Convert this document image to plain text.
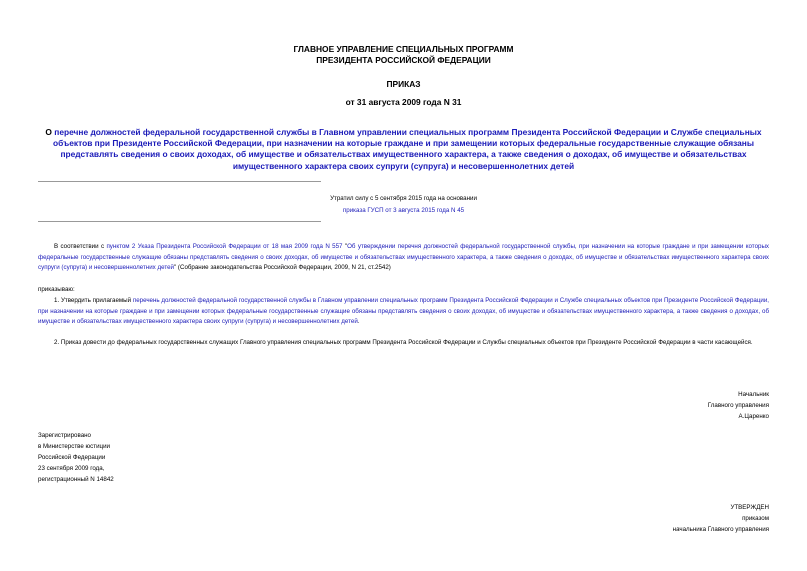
ГЛАВНОЕ УПРАВЛЕНИЕ СПЕЦИАЛЬНЫХ ПРОГРАММ
ПРЕЗИДЕНТА РОССИЙСКОЙ ФЕДЕРАЦИИ
ПРИКАЗ
от 31 августа 2009 года N 31
О перечне должностей федеральной государственной службы в Главном управлении специальных программ Президента Российской Федерации и Службе специальных объектов при Президенте Российской Федерации, при назначении на которые граждане и при замещении которых федеральные государственные служащие обязаны представлять сведения о своих доходах, об имуществе и обязательствах имущественного характера, а также сведения о доходах, об имуществе и обязательствах имущественного характера своих супруги (супруга) и несовершеннолетних детей
Утратил силу с 5 сентября 2015 года на основании
приказа ГУСП от 3 августа 2015 года N 45
В соответствии с пунктом 2 Указа Президента Российской Федерации от 18 мая 2009 года N 557 "Об утверждении перечня должностей федеральной государственной службы, при назначении на которые граждане и при замещении которых федеральные государственные служащие обязаны представлять сведения о своих доходах, об имуществе и обязательствах имущественного характера, а также сведения о доходах, об имуществе и обязательствах имущественного характера своих супруги (супруга) и несовершеннолетних детей" (Собрание законодательства Российской Федерации, 2009, N 21, ст.2542)
приказываю:
1. Утвердить прилагаемый перечень должностей федеральной государственной службы в Главном управлении специальных программ Президента Российской Федерации и Службе специальных объектов при Президенте Российской Федерации, при назначении на которые граждане и при замещении которых федеральные государственные служащие обязаны представлять сведения о своих доходах, об имуществе и обязательствах имущественного характера, а также сведения о доходах, об имуществе и обязательствах имущественного характера своих супруги (супруга) и несовершеннолетних детей.
2. Приказ довести до федеральных государственных служащих Главного управления специальных программ Президента Российской Федерации и Службы специальных объектов при Президенте Российской Федерации в части касающейся.
Начальник
Главного управления
А.Царенко
Зарегистрировано
в Министерстве юстиции
Российской Федерации
23 сентября 2009 года,
регистрационный N 14842
УТВЕРЖДЕН
приказом
начальника Главного управления
